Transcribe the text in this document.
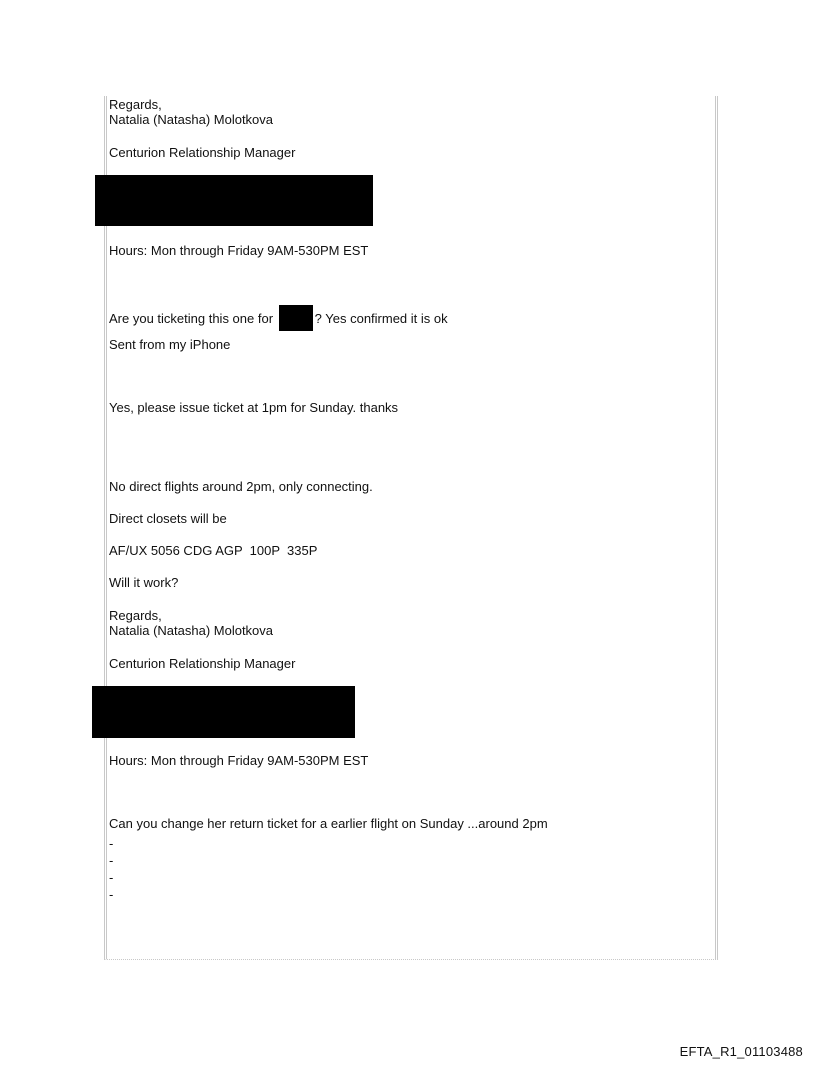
Regards,
Natalia (Natasha) Molotkova
Centurion Relationship Manager
Hours: Mon through Friday 9AM-530PM EST
Are you ticketing this one for	? Yes confirmed it is ok
Sent from my iPhone
Yes, please issue ticket at 1pm for Sunday. thanks
No direct flights around 2pm, only connecting.
Direct closets will be
AF/UX 5056 CDG AGP  100P  335P
Will it work?
Regards,
Natalia (Natasha) Molotkova
Centurion Relationship Manager
Hours: Mon through Friday 9AM-530PM EST
Can you change her return ticket for a earlier flight on Sunday ...around 2pm
-
-
-
-
EFTA_R1_01103488
